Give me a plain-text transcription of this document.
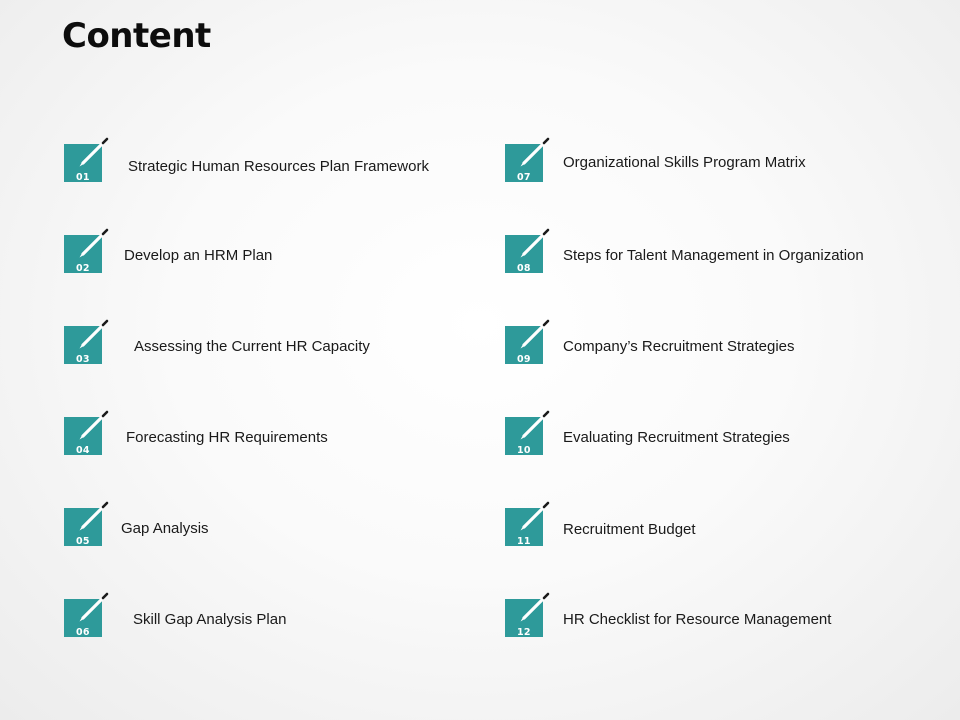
Content
01
Strategic Human Resources Plan Framework
02
Develop an HRM Plan
03
Assessing the Current HR Capacity
04
Forecasting HR Requirements
05
Gap Analysis
06
Skill Gap Analysis Plan
07
Organizational Skills Program Matrix
08
Steps for Talent Management in Organization
09
Company’s Recruitment Strategies
10
Evaluating Recruitment Strategies
11
Recruitment Budget
12
HR Checklist for Resource Management
